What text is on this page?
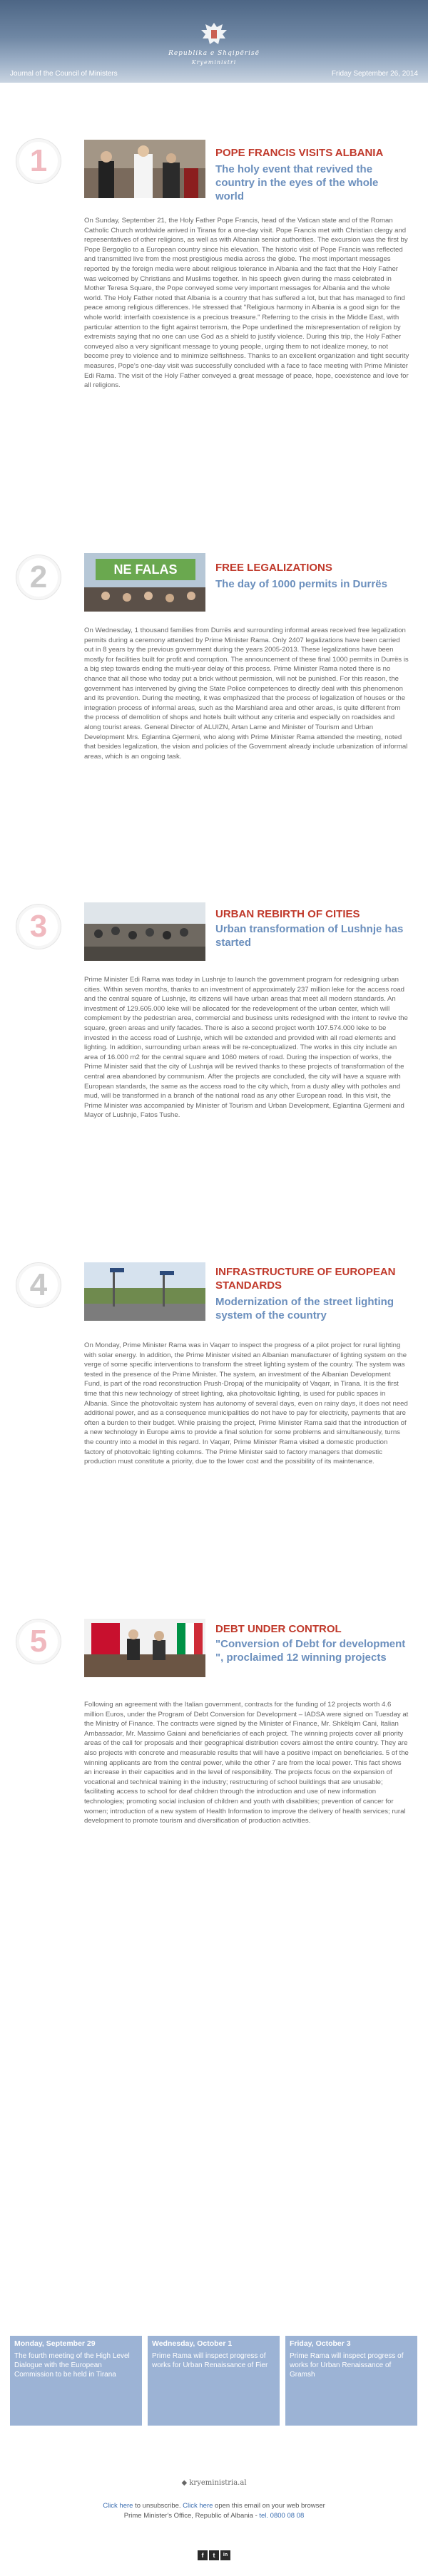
Republika e Shqipërisë
Kryeministri
Journal of the Council of Ministers	Friday September 26, 2014
1	POPE FRANCIS VISITS ALBANIA
The holy event that revived the country in the eyes of the whole world
On Sunday, September 21, the Holy Father Pope Francis, head of the Vatican state and of the Roman Catholic Church worldwide arrived in Tirana for a one-day visit. Pope Francis met with Christian clergy and representatives of other religions, as well as with Albanian senior authorities. The excursion was the first by Pope Bergoglio to a European country since his elevation. The historic visit of Pope Francis was reflected and transmitted live from the most prestigious media across the globe. The most important messages reported by the foreign media were about religious tolerance in Albania and the fact that the Holy Father was welcomed by Christians and Muslims together. In his speech given during the mass celebrated in Mother Teresa Square, the Pope conveyed some very important messages for Albania and the whole world. The Holy Father noted that Albania is a country that has suffered a lot, but that has managed to find peace among religious differences. He stressed that "Religious harmony in Albania is a good sign for the whole world: interfaith coexistence is a precious treasure." Referring to the crisis in the Middle East, with particular attention to the fight against terrorism, the Pope underlined the misrepresentation of religion by extremists saying that no one can use God as a shield to justify violence. During this trip, the Holy Father conveyed also a very significant message to young people, urging them to not idealize money, to not become prey to violence and to minimize selfishness. Thanks to an excellent organization and tight security measures, Pope's one-day visit was successfully concluded with a face to face meeting with Prime Minister Edi Rama. The visit of the Holy Father conveyed a great message of peace, hope, coexistence and love for all religions.
2	NE FALAS	FREE LEGALIZATIONS
The day of 1000 permits in Durrës
On Wednesday, 1 thousand families from Durrës and surrounding informal areas received free legalization permits during a ceremony attended by Prime Minister Rama. Only 2407 legalizations have been carried out in 8 years by the previous government during the years 2005-2013. These legalizations have been mostly for facilities built for profit and corruption. The announcement of these final 1000 permits in Durrës is a big step towards ending the multi-year delay of this process. Prime Minister Rama noted there is no chance that all those who today put a brick without permission, will not be punished. For this reason, the government has intervened by giving the State Police competences to directly deal with this phenomenon and its prevention. During the meeting, it was emphasized that the process of legalization of houses or the integration process of informal areas, such as the Marshland area and other areas, is quite different from the process of demolition of shops and hotels built without any criteria and especially on roadsides and along tourist areas. General Director of ALUIZN, Artan Lame and Minister of Tourism and Urban Development Mrs. Eglantina Gjermeni, who along with Prime Minister Rama attended the meeting, noted that besides legalization, the vision and policies of the Government already include urbanization of informal areas, which is an ongoing task.
3	URBAN REBIRTH OF CITIES
Urban transformation of Lushnje has started
Prime Minister Edi Rama was today in Lushnje to launch the government program for redesigning urban cities. Within seven months, thanks to an investment of approximately 237 million leke for the access road and the central square of Lushnje, its citizens will have urban areas that meet all modern standards. An investment of 129.605.000 leke will be allocated for the redevelopment of the urban center, which will complement by the pedestrian area, commercial and business units redesigned with the intent to revive the square, green areas and unify facades. There is also a second project worth 107.574.000 leke to be invested in the access road of Lushnje, which will be extended and provided with all road elements and lighting. In addition, surrounding urban areas will be re-conceptualized. The works in this city include an area of 16.000 m2 for the central square and 1060 meters of road. During the inspection of works, the Prime Minister said that the city of Lushnja will be revived thanks to these projects of transformation of the central area abandoned by communism. After the projects are concluded, the city will have a square with European standards, the same as the access road to the city which, from a dusty alley with potholes and mud, will be transformed in a branch of the national road as any other European road. In this visit, the Prime Minister was accompanied by Minister of Tourism and Urban Development, Eglantina Gjermeni and Mayor of Lushnje, Fatos Tushe.
4	INFRASTRUCTURE OF EUROPEAN STANDARDS
Modernization of the street lighting system of the country
On Monday, Prime Minister Rama was in Vaqarr to inspect the progress of a pilot project for rural lighting with solar energy. In addition, the Prime Minister visited an Albanian manufacturer of lighting system on the verge of some specific interventions to transform the street lighting system of the country. The system was tested in the presence of the Prime Minister. The system, an investment of the Albanian Development Fund, is part of the road reconstruction Prush-Dropaj of the municipality of Vaqarr, in Tirana. It is the first time that this new technology of street lighting, aka photovoltaic lighting, is used for public spaces in Albania. Since the photovoltaic system has autonomy of several days, even on rainy days, it does not need additional power, and as a consequence municipalities do not have to pay for electricity, payments that are often a burden to their budget. While praising the project, Prime Minister Rama said that the introduction of a new technology in Europe aims to provide a final solution for some problems and simultaneously, turns the country into a model in this regard. In Vaqarr, Prime Minister Rama visited a domestic production factory of photovoltaic lighting columns. The Prime Minister said to factory managers that domestic production must constitute a priority, due to the lower cost and the possibility of its maintenance.
5	DEBT UNDER CONTROL
"Conversion of Debt for development ", proclaimed 12 winning projects
Following an agreement with the Italian government, contracts for the funding of 12 projects worth 4.6 million Euros, under the Program of Debt Conversion for Development – IADSA were signed on Tuesday at the Ministry of Finance. The contracts were signed by the Minister of Finance, Mr. Shkëlqim Cani, Italian Ambassador, Mr. Massimo Gaiani and beneficiaries of each project. The winning projects cover all priority areas of the call for proposals and their geographical distribution covers almost the entire country. They are also projects with concrete and measurable results that will have a positive impact on beneficiaries. 5 of the winning applicants are from the central power, while the other 7 are from the local power. This fact shows an increase in their capacities and in the level of responsibility. The projects focus on the expansion of vocational and technical training in the industry; restructuring of school buildings that are unusable; facilitating access to school for deaf children through the introduction and use of new information technologies; promoting social inclusion of children and youth with disabilities; prevention of cancer for women; introduction of a new system of Health Information to improve the delivery of health services; rural development to promote tourism and diversification of production activities.
Monday, September 29
The fourth meeting of the High Level Dialogue with the European Commission to be held in Tirana
Wednesday, October 1
Prime Rama will inspect progress of works for Urban Renaissance of Fier
Friday, October 3
Prime Rama will inspect progress of works for Urban Renaissance of Gramsh
◆ kryeministria.al
Click here to unsubscribe. Click here open this email on your web browser
Prime Minister's Office, Republic of Albania - tel. 0800 08 08
f	t	in
